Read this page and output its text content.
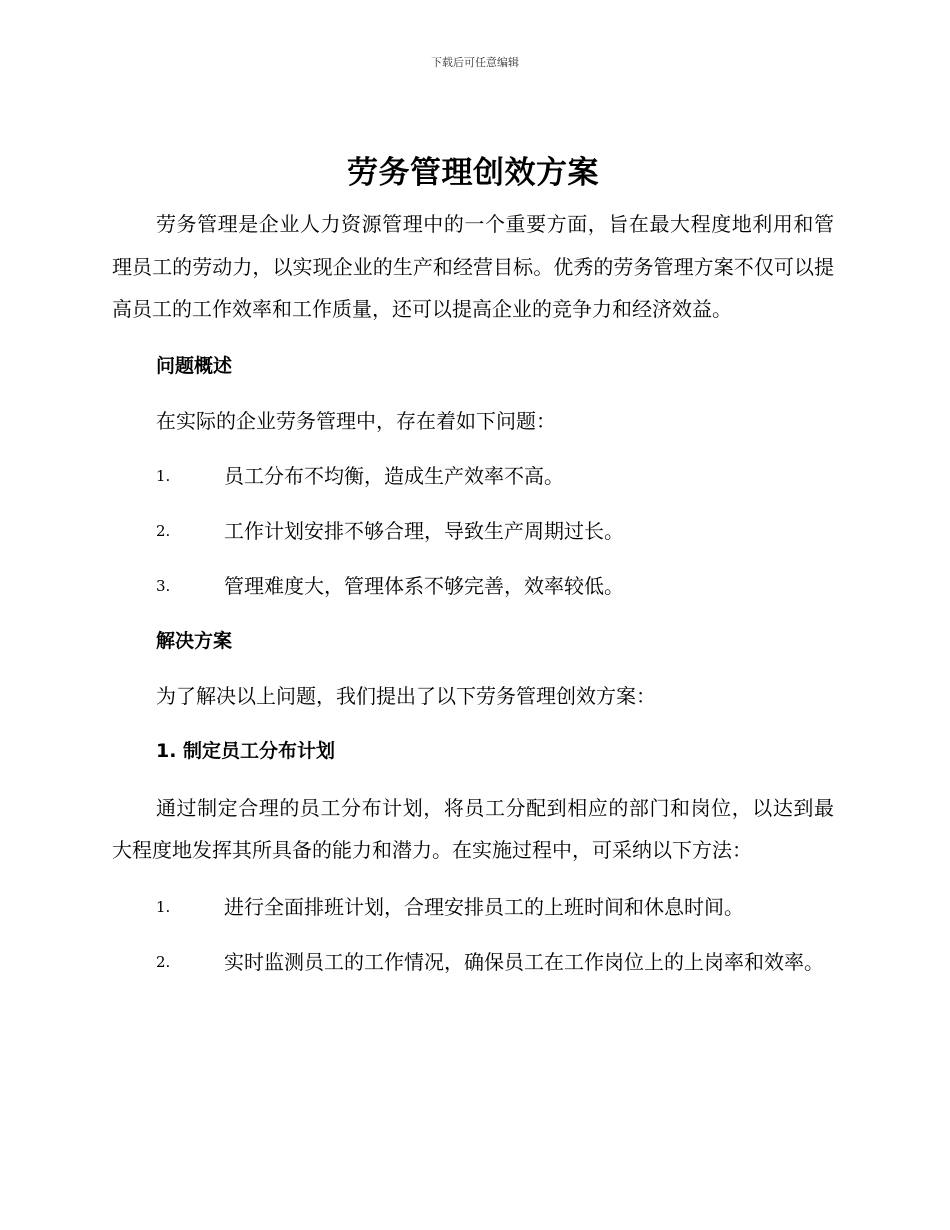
下载后可任意编辑
劳务管理创效方案

劳务管理是企业人力资源管理中的一个重要方面，旨在最大程度地利用和管理员工的劳动力，以实现企业的生产和经营目标。优秀的劳务管理方案不仅可以提高员工的工作效率和工作质量，还可以提高企业的竞争力和经济效益。

问题概述
在实际的企业劳务管理中，存在着如下问题：
1.	员工分布不均衡，造成生产效率不高。
2.	工作计划安排不够合理，导致生产周期过长。
3.	管理难度大，管理体系不够完善，效率较低。
解决方案
为了解决以上问题，我们提出了以下劳务管理创效方案：
1. 制定员工分布计划

通过制定合理的员工分布计划，将员工分配到相应的部门和岗位，以达到最大程度地发挥其所具备的能力和潜力。在实施过程中，可采纳以下方法：

1.	进行全面排班计划，合理安排员工的上班时间和休息时间。
2.	实时监测员工的工作情况，确保员工在工作岗位上的上岗率和效率。
